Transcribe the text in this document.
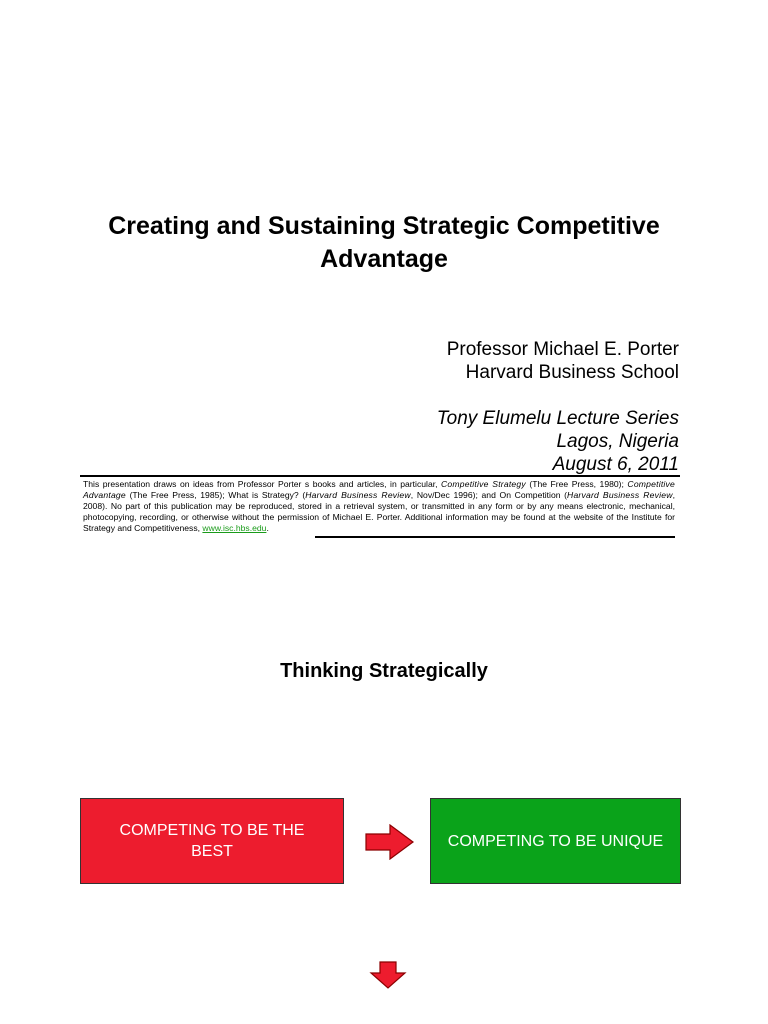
Creating and Sustaining Strategic Competitive
Advantage
Professor Michael E. Porter
Harvard Business School
Tony Elumelu Lecture Series
Lagos, Nigeria
August 6, 2011
This presentation draws on ideas from Professor Porter s books and articles, in particular, Competitive Strategy (The Free Press, 1980); Competitive Advantage (The Free Press, 1985); What is Strategy? (Harvard Business Review, Nov/Dec 1996); and On Competition (Harvard Business Review, 2008). No part of this publication may be reproduced, stored in a retrieval system, or transmitted in any form or by any means electronic, mechanical, photocopying, recording, or otherwise without the permission of Michael E. Porter. Additional information may be found at the website of the Institute for Strategy and Competitiveness, www.isc.hbs.edu.
Thinking Strategically
COMPETING TO BE THE BEST
COMPETING TO BE UNIQUE
